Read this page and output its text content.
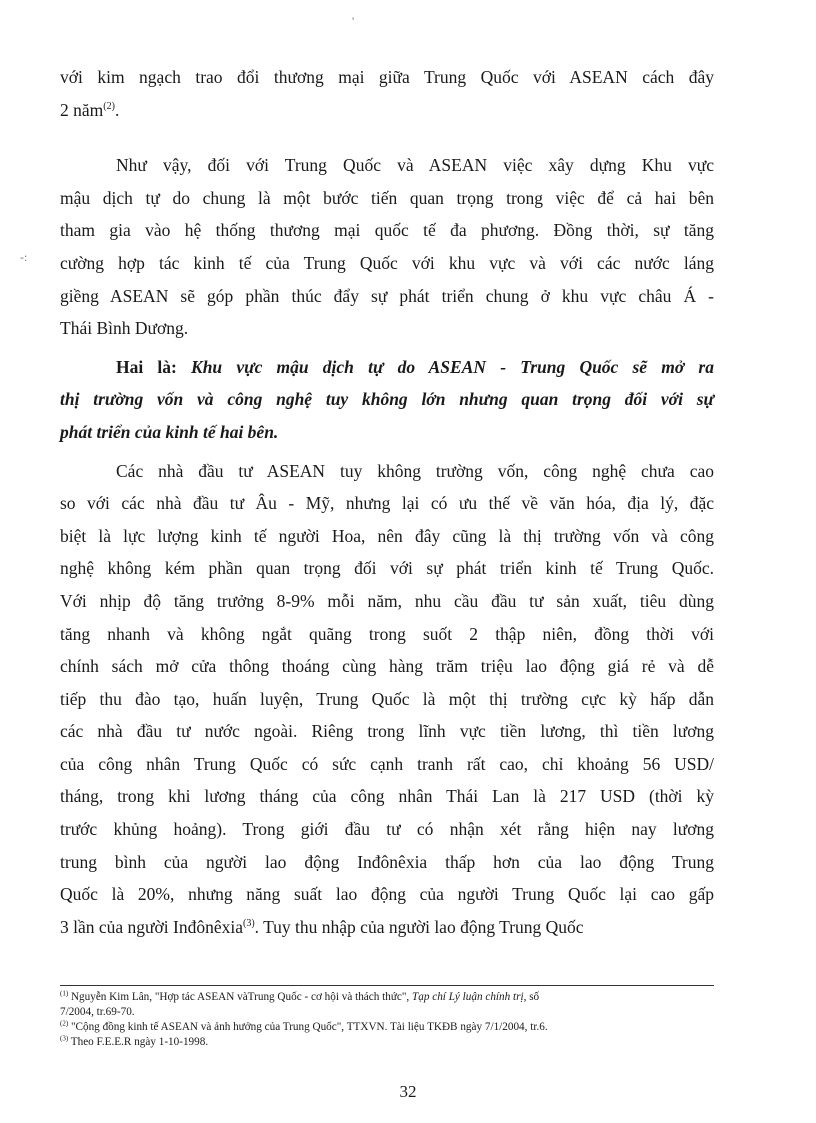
'
-:
với kim ngạch trao đổi thương mại giữa Trung Quốc với ASEAN cách đây
2 năm$^{(2)}$.
Như vậy, đối với Trung Quốc và ASEAN việc xây dựng Khu vực
mậu dịch tự do chung là một bước tiến quan trọng trong việc để cả hai bên
tham gia vào hệ thống thương mại quốc tế đa phương. Đồng thời, sự tăng
cường hợp tác kinh tế của Trung Quốc với khu vực và với các nước láng
giềng ASEAN sẽ góp phần thúc đẩy sự phát triển chung ở khu vực châu Á -
Thái Bình Dương.
Hai là: Khu vực mậu dịch tự do ASEAN - Trung Quốc sẽ mở ra
thị trường vốn và công nghệ tuy không lớn nhưng quan trọng đối với sự
phát triển của kinh tế hai bên.
Các nhà đầu tư ASEAN tuy không trường vốn, công nghệ chưa cao
so với các nhà đầu tư Âu - Mỹ, nhưng lại có ưu thế về văn hóa, địa lý, đặc
biệt là lực lượng kinh tế người Hoa, nên đây cũng là thị trường vốn và công
nghệ không kém phần quan trọng đối với sự phát triển kinh tế Trung Quốc.
Với nhịp độ tăng trưởng 8-9% mỗi năm, nhu cầu đầu tư sản xuất, tiêu dùng
tăng nhanh và không ngắt quãng trong suốt 2 thập niên, đồng thời với
chính sách mở cửa thông thoáng cùng hàng trăm triệu lao động giá rẻ và dễ
tiếp thu đào tạo, huấn luyện, Trung Quốc là một thị trường cực kỳ hấp dẫn
các nhà đầu tư nước ngoài. Riêng trong lĩnh vực tiền lương, thì tiền lương
của công nhân Trung Quốc có sức cạnh tranh rất cao, chỉ khoảng 56 USD/
tháng, trong khi lương tháng của công nhân Thái Lan là 217 USD (thời kỳ
trước khủng hoảng). Trong giới đầu tư có nhận xét rằng hiện nay lương
trung bình của người lao động Inđônêxia thấp hơn của lao động Trung
Quốc là 20%, nhưng năng suất lao động của người Trung Quốc lại cao gấp
3 lần của người Inđônêxia$^{(3)}$. Tuy thu nhập của người lao động Trung Quốc
$^{(1)}$ Nguyễn Kim Lân, "Hợp tác ASEAN vàTrung Quốc - cơ hội và thách thức", Tạp chí Lý luận chính trị, số
7/2004, tr.69-70.
$^{(2)}$ "Cộng đồng kinh tế ASEAN và ảnh hưởng của Trung Quốc", TTXVN. Tài liệu TKĐB ngày 7/1/2004, tr.6.
$^{(3)}$ Theo F.E.E.R ngày 1-10-1998.
32
